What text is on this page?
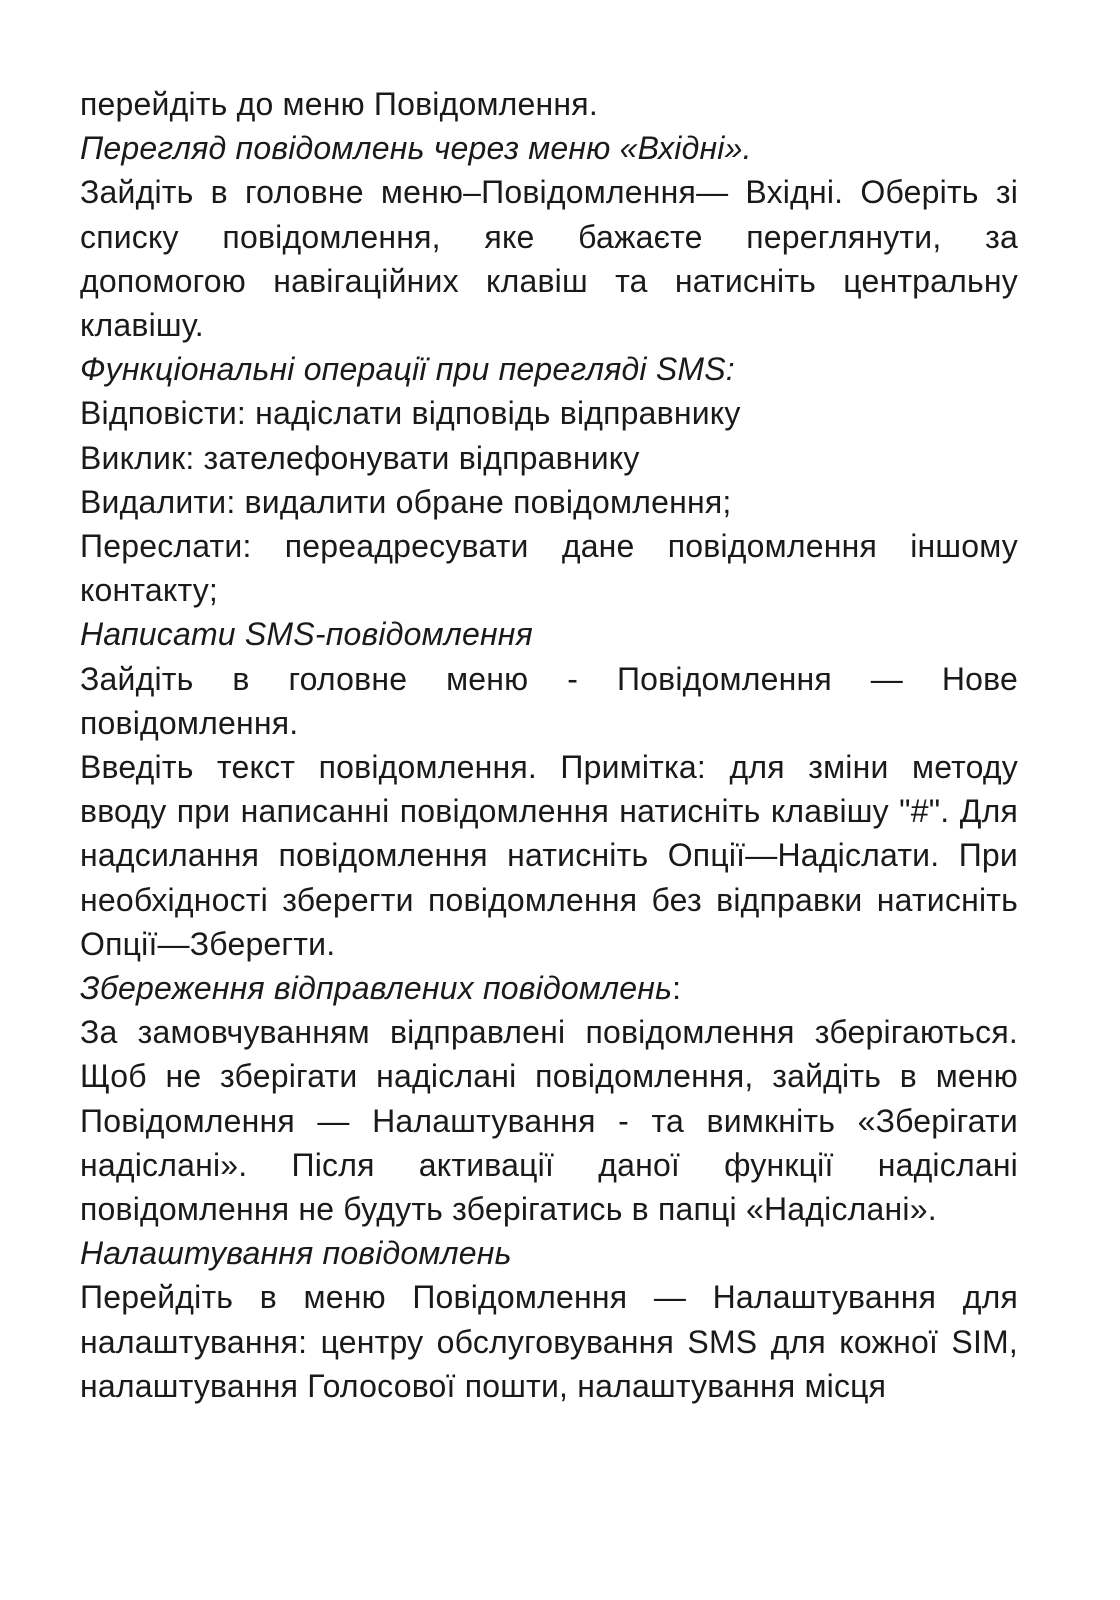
перейдіть до меню Повідомлення.

Перегляд повідомлень через меню «Вхідні».

Зайдіть в головне меню–Повідомлення— Вхідні. Оберіть зі списку повідомлення, яке бажаєте переглянути, за допомогою навігаційних клавіш та натисніть центральну клавішу.

Функціональні операції при перегляді SMS:

Відповісти: надіслати відповідь відправнику

Виклик: зателефонувати відправнику

Видалити: видалити обране повідомлення;

Переслати: переадресувати дане повідомлення іншому контакту;

Написати SMS-повідомлення

Зайдіть в головне меню - Повідомлення — Нове повідомлення.

Введіть текст повідомлення. Примітка: для зміни методу вводу при написанні повідомлення натисніть клавішу "#". Для надсилання повідомлення натисніть Опції—Надіслати. При необхідності зберегти повідомлення без відправки натисніть Опції—Зберегти.

Збереження відправлених повідомлень:

За замовчуванням відправлені повідомлення зберігаються. Щоб не зберігати надіслані повідомлення, зайдіть в меню Повідомлення — Налаштування - та вимкніть «Зберігати надіслані». Після активації даної функції надіслані повідомлення не будуть зберігатись в папці «Надіслані».

Налаштування повідомлень

Перейдіть в меню Повідомлення — Налаштування для налаштування: центру обслуговування SMS для кожної SIM, налаштування Голосової пошти, налаштування місця
